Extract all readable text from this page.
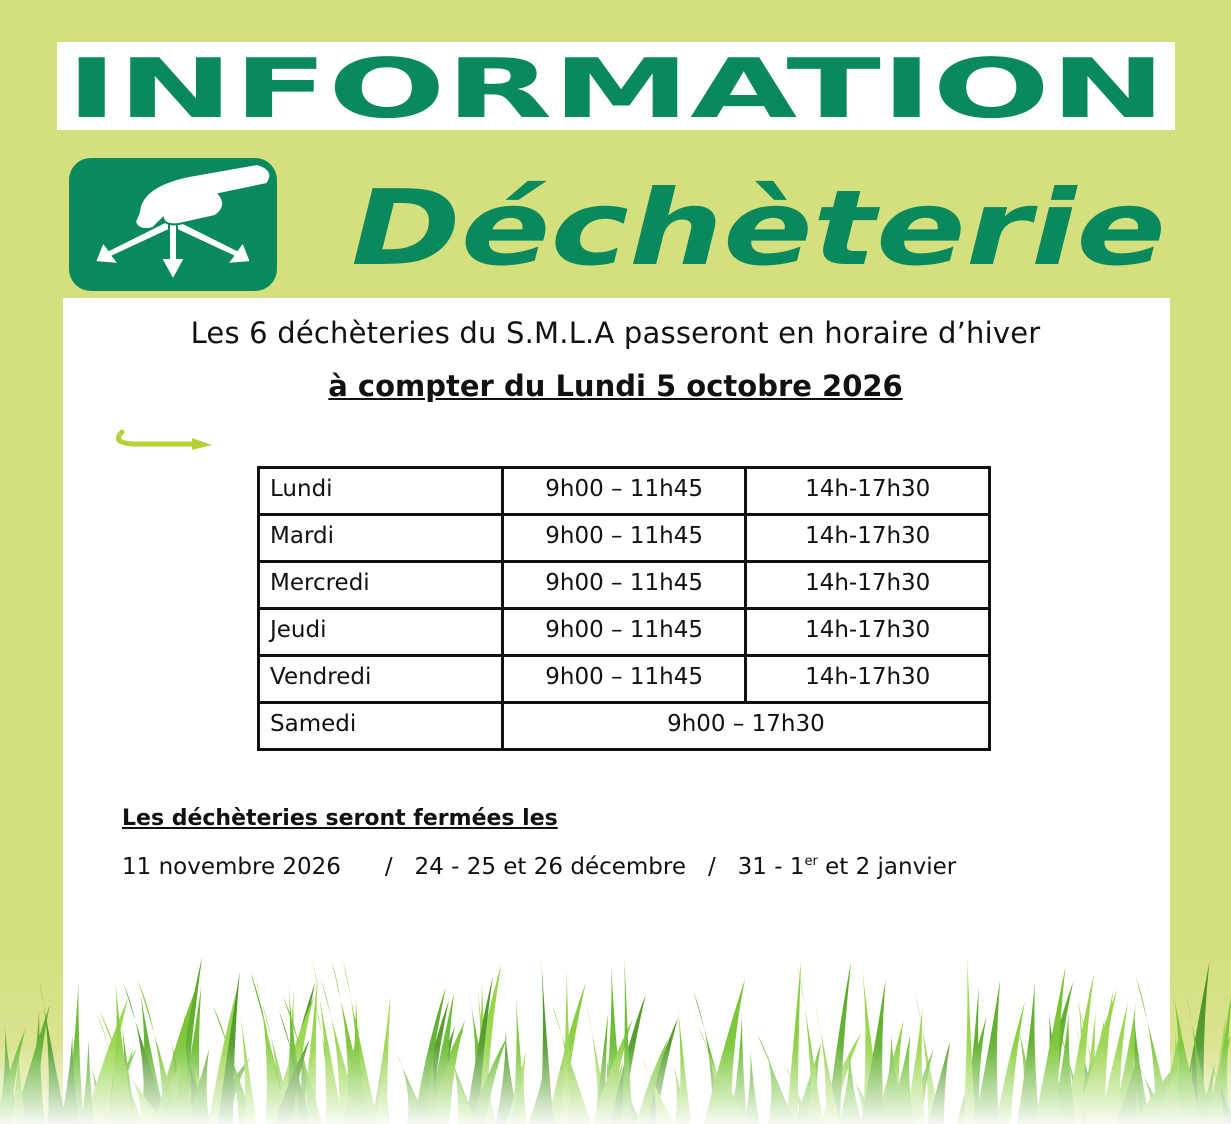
INFORMATION
Déchèterie
Les 6 déchèteries du S.M.L.A passeront en horaire d’hiver
à compter du Lundi 5 octobre 2026
Lundi	9h00 – 11h45	14h-17h30
Mardi	9h00 – 11h45	14h-17h30
Mercredi	9h00 – 11h45	14h-17h30
Jeudi	9h00 – 11h45	14h-17h30
Vendredi	9h00 – 11h45	14h-17h30
Samedi	9h00 – 17h30	
Les déchèteries seront fermées les
11 novembre 2026 / 24 - 25 et 26 décembre / 31 - 1er et 2 janvier
